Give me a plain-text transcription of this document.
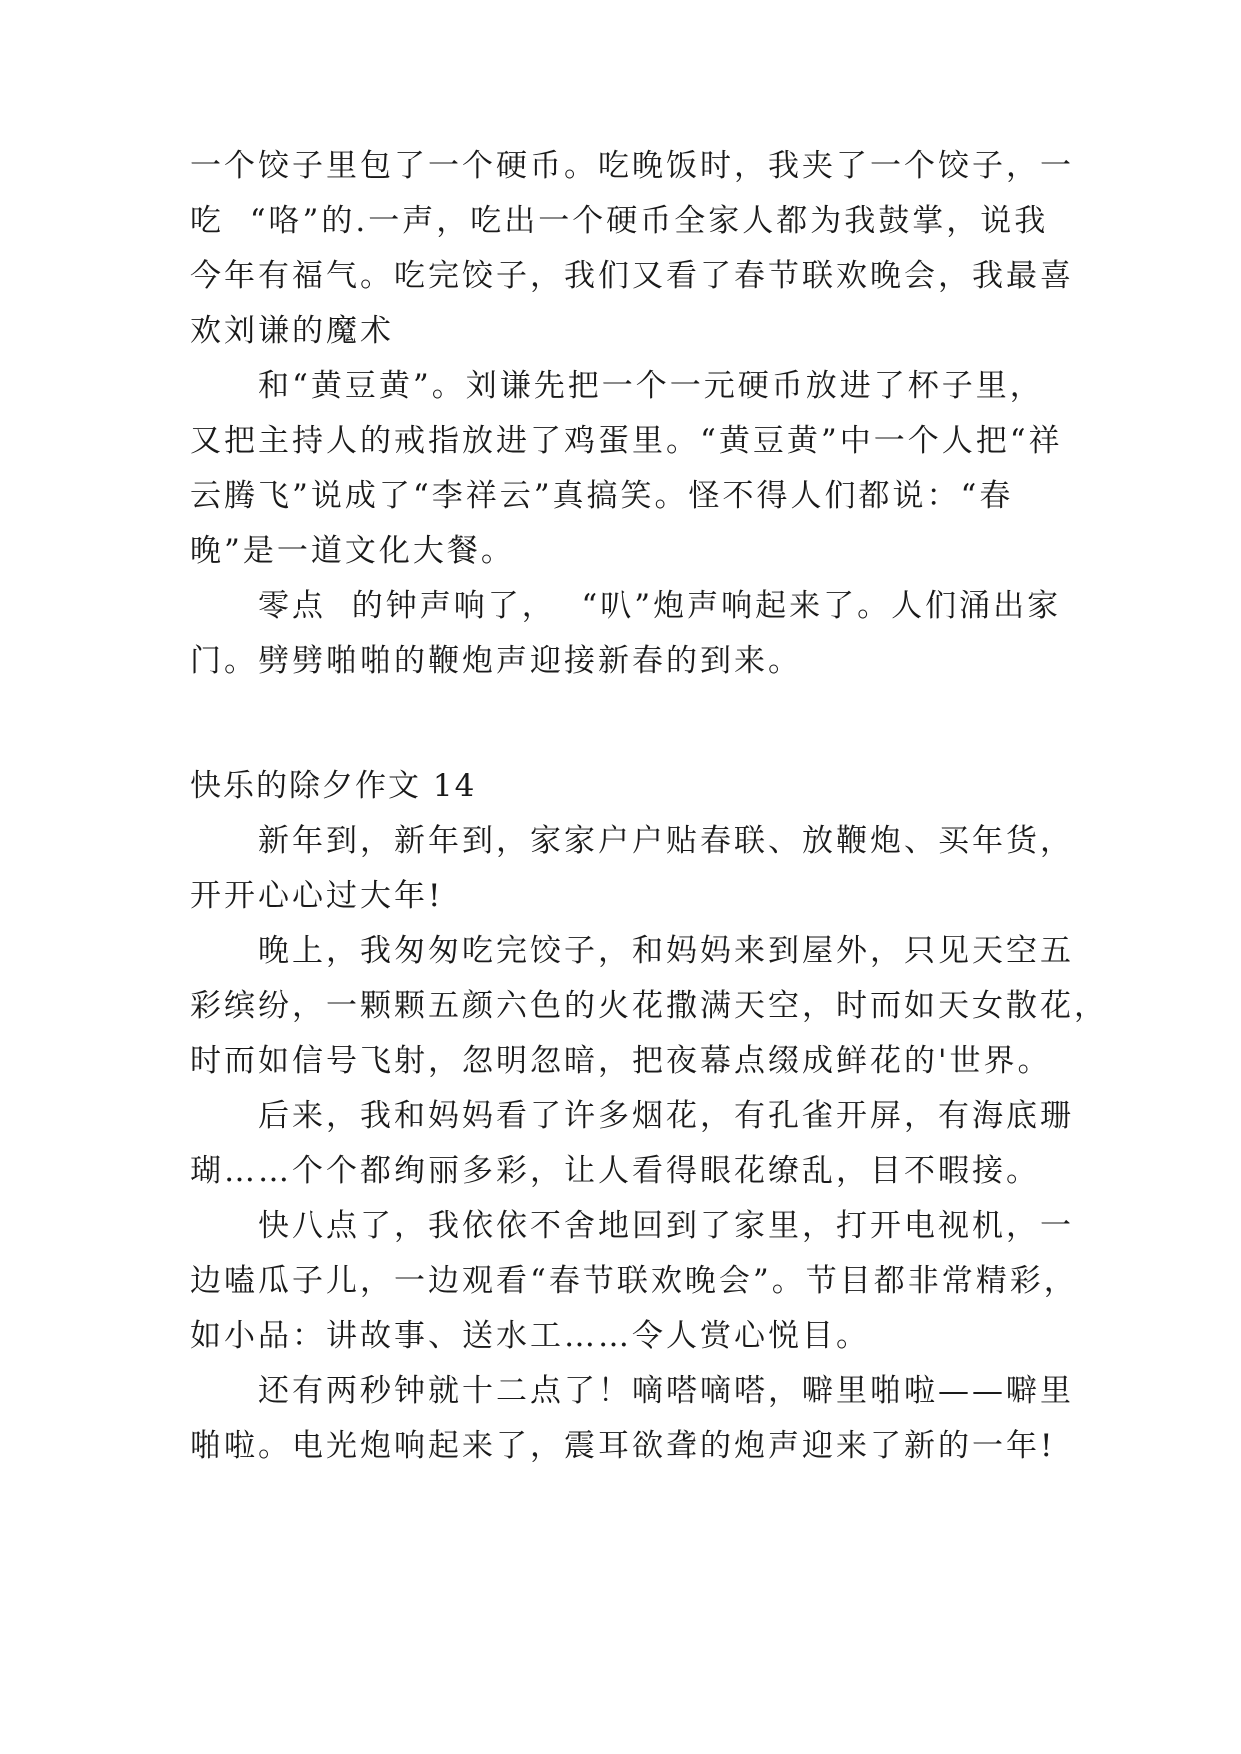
一个饺子里包了一个硬币。吃晚饭时，我夹了一个饺子，一
吃  “咯”的.一声，吃出一个硬币全家人都为我鼓掌，说我
今年有福气。吃完饺子，我们又看了春节联欢晚会，我最喜
欢刘谦的魔术
和“黄豆黄”。刘谦先把一个一元硬币放进了杯子里，
又把主持人的戒指放进了鸡蛋里。“黄豆黄”中一个人把“祥
云腾飞”说成了“李祥云”真搞笑。怪不得人们都说：“春
晚”是一道文化大餐。
零点  的钟声响了，  “叭”炮声响起来了。人们涌出家
门。劈劈啪啪的鞭炮声迎接新春的到来。
快乐的除夕作文 14
新年到，新年到，家家户户贴春联、放鞭炮、买年货，
开开心心过大年!
晚上，我匆匆吃完饺子，和妈妈来到屋外，只见天空五
彩缤纷，一颗颗五颜六色的火花撒满天空，时而如天女散花，
时而如信号飞射，忽明忽暗，把夜幕点缀成鲜花的'世界。
后来，我和妈妈看了许多烟花，有孔雀开屏，有海底珊
瑚……个个都绚丽多彩，让人看得眼花缭乱，目不暇接。
快八点了，我依依不舍地回到了家里，打开电视机，一
边嗑瓜子儿，一边观看“春节联欢晚会”。节目都非常精彩，
如小品：讲故事、送水工……令人赏心悦目。
还有两秒钟就十二点了！嘀嗒嘀嗒，噼里啪啦——噼里
啪啦。电光炮响起来了，震耳欲聋的炮声迎来了新的一年!
